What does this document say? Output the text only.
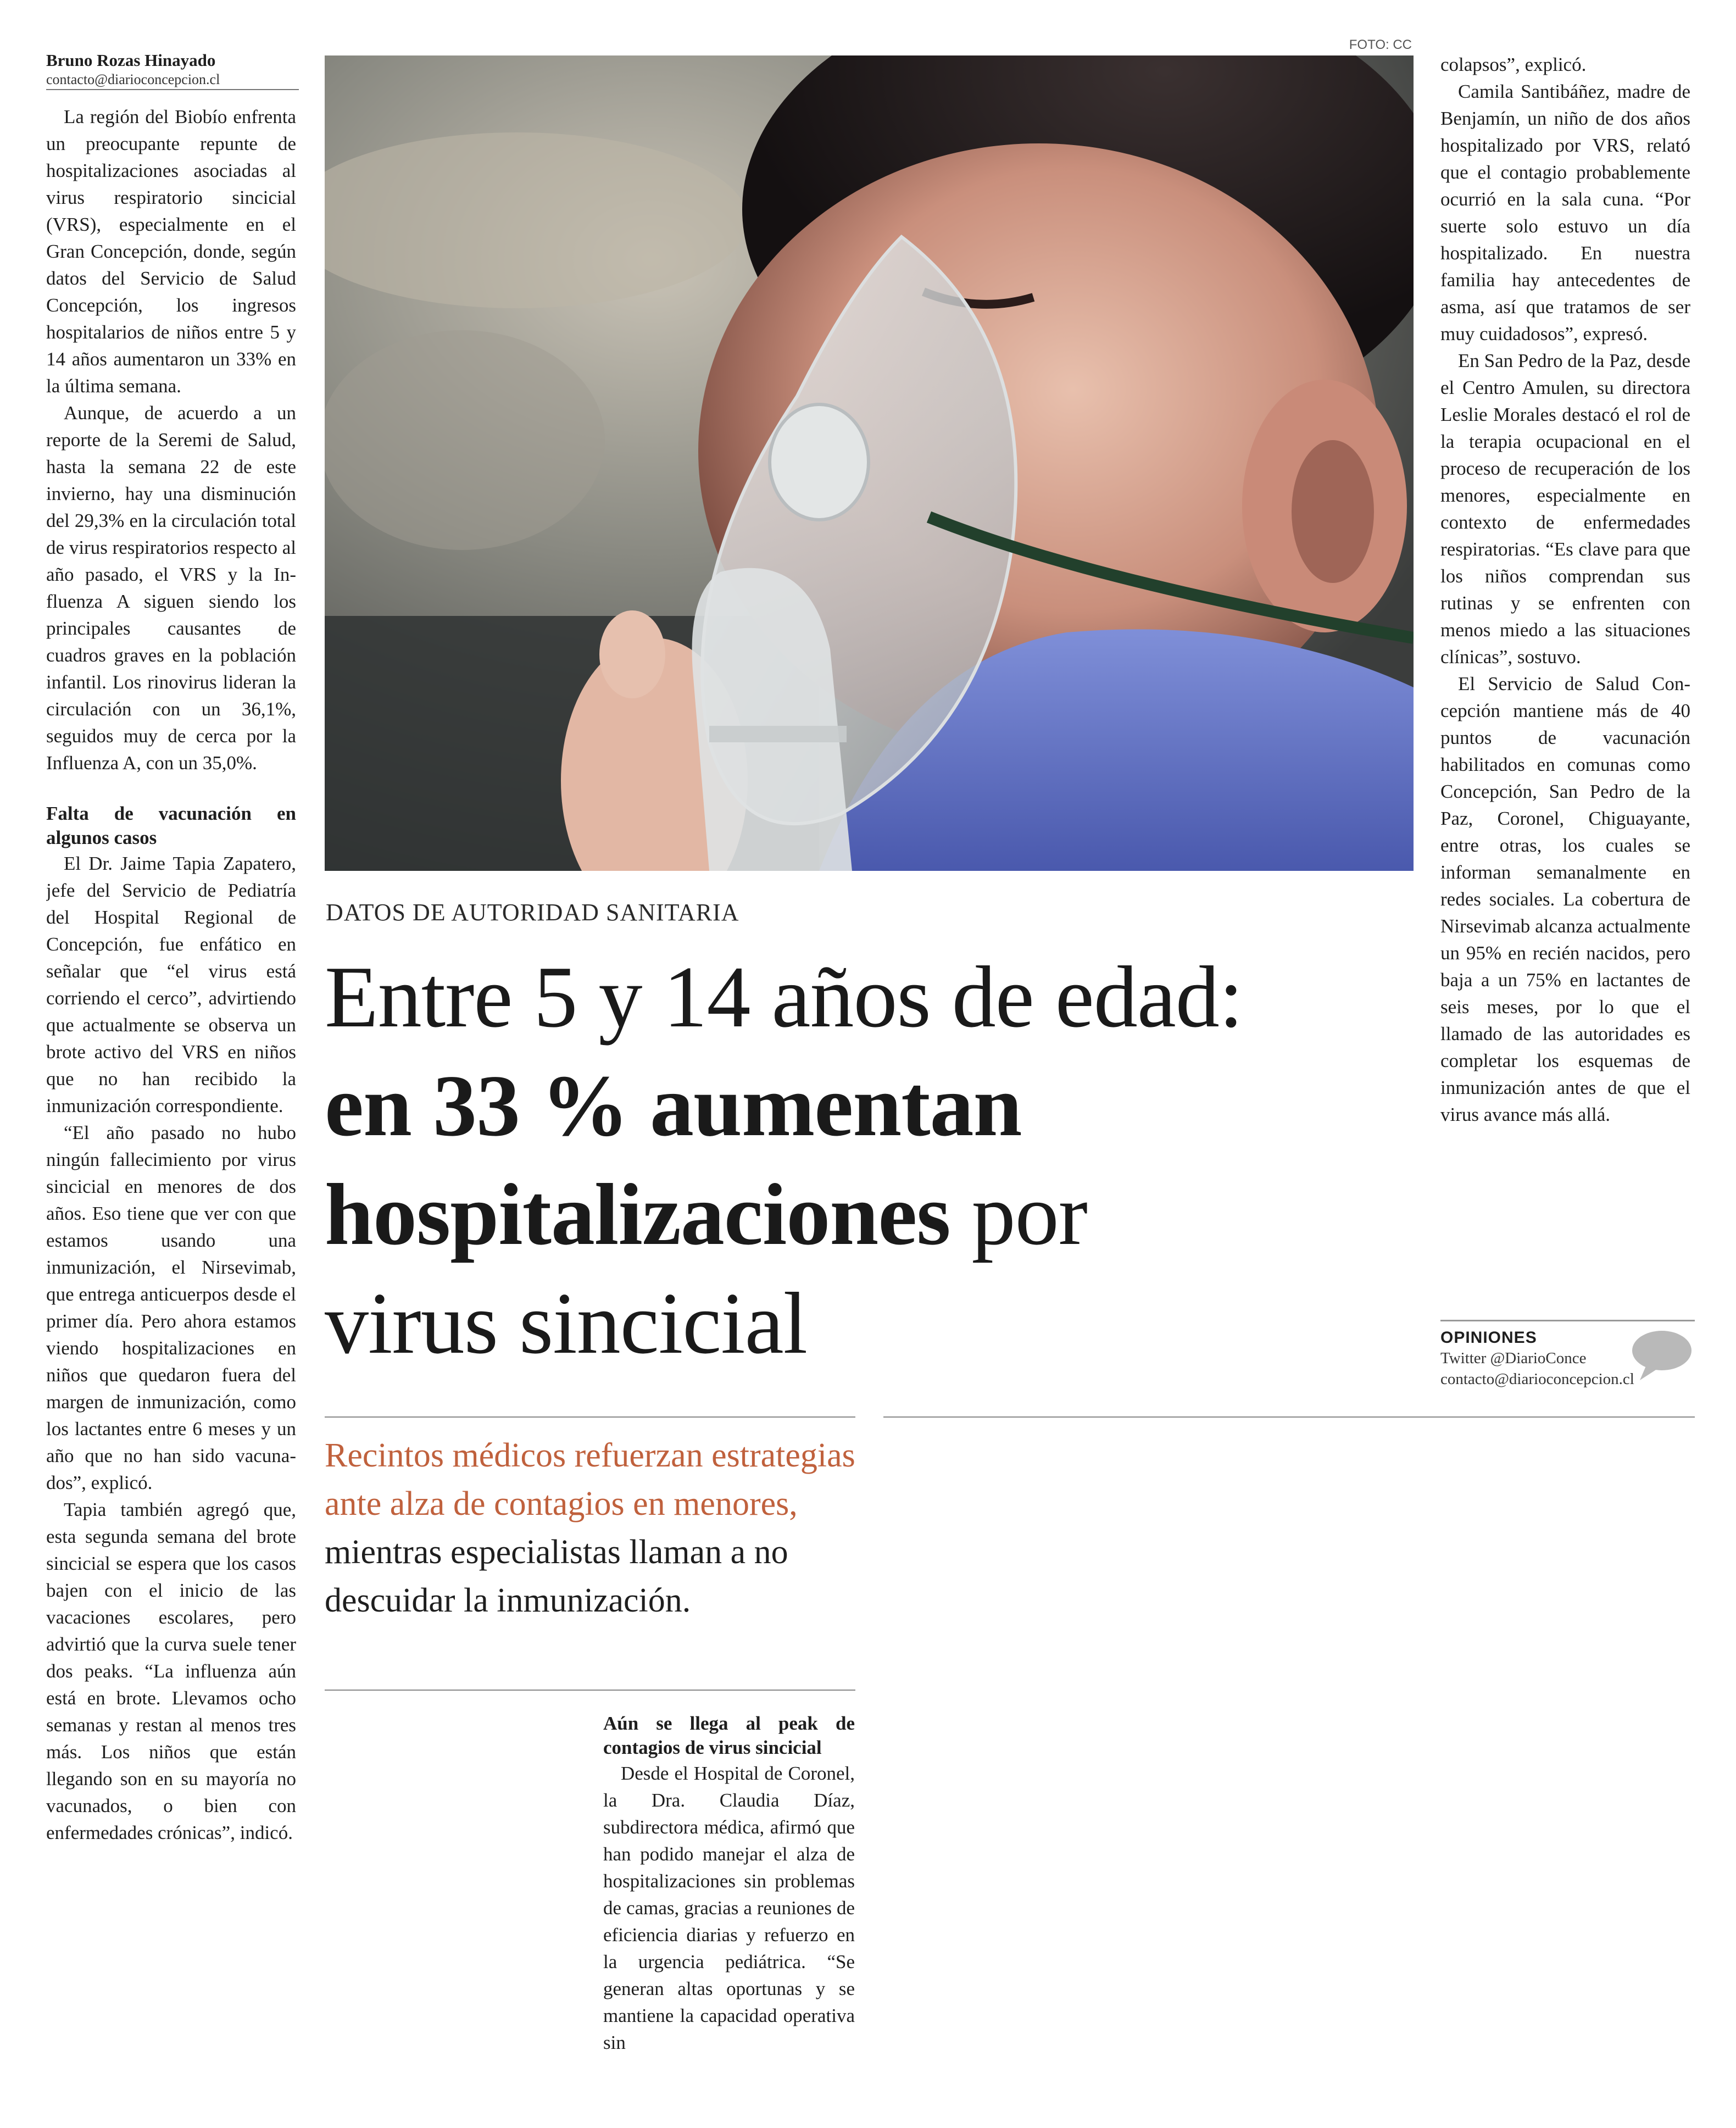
Bruno Rozas Hinayado
contacto@diarioconcepcion.cl

La región del Biobío enfrenta un preocupante repunte de hospitalizaciones asociadas al virus respiratorio sincicial (VRS), especialmente en el Gran Concepción, donde, según datos del Servicio de Salud Concepción, los ingresos hospitalarios de niños entre 5 y 14 años aumentaron un 33% en la última semana.

Aunque, de acuerdo a un reporte de la Seremi de Salud, hasta la semana 22 de este invierno, hay una disminución del 29,3% en la circulación total de virus respiratorios respecto al año pasado, el VRS y la Influenza A siguen siendo los principales causantes de cuadros graves en la población infantil. Los rinovirus lideran la circulación con un 36,1%, seguidos muy de cerca por la Influenza A, con un 35,0%.

Falta de vacunación en algunos casos

El Dr. Jaime Tapia Zapatero, jefe del Servicio de Pediatría del Hospital Regional de Concepción, fue enfático en señalar que “el virus está corriendo el cerco”, advirtiendo que actualmente se observa un brote activo del VRS en niños que no han recibido la inmunización correspondiente.

“El año pasado no hubo ningún fallecimiento por virus sincicial en menores de dos años. Eso tiene que ver con que estamos usando una inmunización, el Nirsevimab, que entrega anticuerpos desde el primer día. Pero ahora estamos viendo hospitalizaciones en niños que quedaron fuera del margen de inmunización, como los lactantes entre 6 meses y un año que no han sido vacunados”, explicó.

Tapia también agregó que, esta segunda semana del brote sincicial se espera que los casos bajen con el inicio de las vacaciones escolares, pero advirtió que la curva suele tener dos peaks. “La influenza aún está en brote. Llevamos ocho semanas y restan al menos tres más. Los niños que están llegando son en su mayoría no vacunados, o bien con enfermedades crónicas”, indicó.

FOTO: CC
DATOS DE AUTORIDAD SANITARIA
Entre 5 y 14 años de edad:
en 33 % aumentan
hospitalizaciones por
virus sincicial
Recintos médicos refuerzan estrategias ante alza de contagios en menores, mientras especialistas llaman a no descuidar la inmunización.
Aún se llega al peak de contagios de virus sincicial

Desde el Hospital de Coronel, la Dra. Claudia Díaz, subdirectora médica, afirmó que han podido manejar el alza de hospitalizaciones sin problemas de camas, gracias a reuniones de eficiencia diarias y refuerzo en la urgencia pediátrica. “Se generan altas oportunas y se mantiene la capacidad operativa sin

colapsos”, explicó.

Camila Santibáñez, madre de Benjamín, un niño de dos años hospitalizado por VRS, relató que el contagio probablemente ocurrió en la sala cuna. “Por suerte solo estuvo un día hospitalizado. En nuestra familia hay antecedentes de asma, así que tratamos de ser muy cuidadosos”, expresó.

En San Pedro de la Paz, desde el Centro Amulen, su directora Leslie Morales destacó el rol de la terapia ocupacional en el proceso de recuperación de los menores, especialmente en contexto de enfermedades respiratorias. “Es clave para que los niños comprendan sus rutinas y se enfrenten con menos miedo a las situaciones clínicas”, sostuvo.

El Servicio de Salud Concepción mantiene más de 40 puntos de vacunación habilitados en comunas como Concepción, San Pedro de la Paz, Coronel, Chiguayante, entre otras, los cuales se informan semanalmente en redes sociales. La cobertura de Nirsevimab alcanza actualmente un 95% en recién nacidos, pero baja a un 75% en lactantes de seis meses, por lo que el llamado de las autoridades es completar los esquemas de inmunización antes de que el virus avance más allá.

OPINIONES
Twitter @DiarioConce
contacto@diarioconcepcion.cl
